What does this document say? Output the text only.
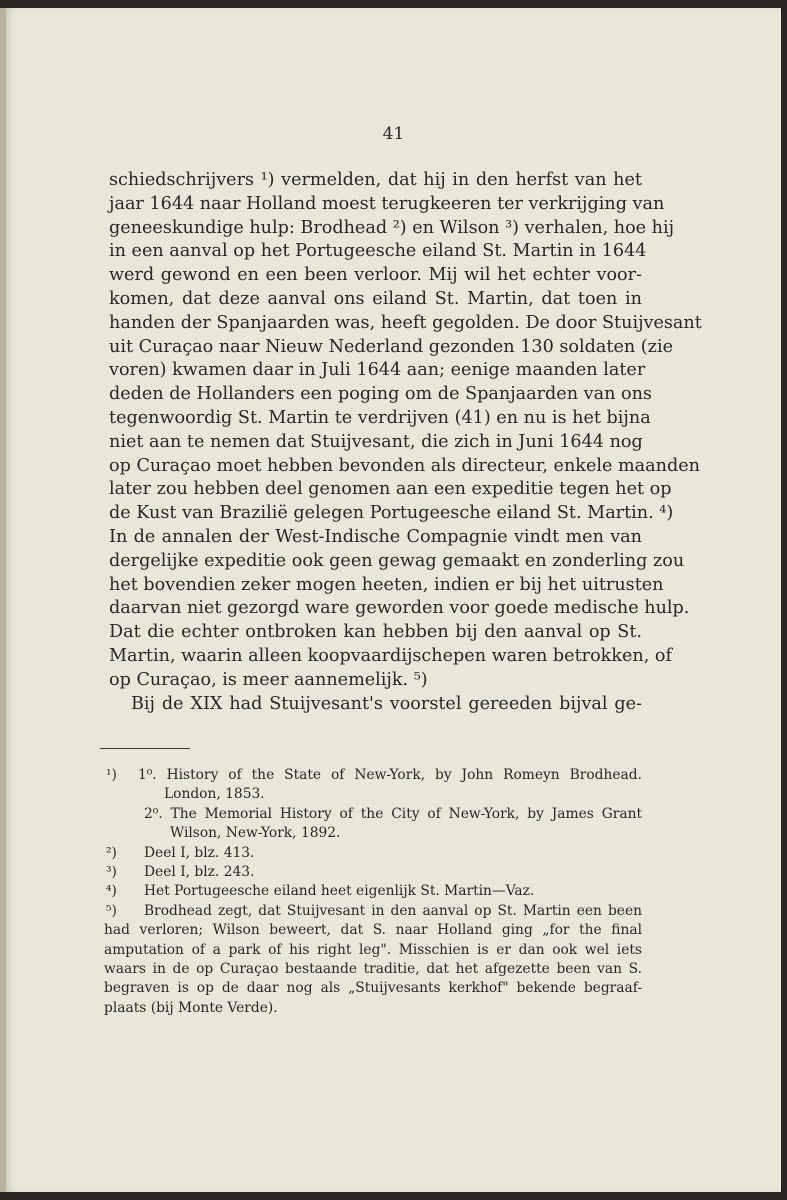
41
schiedschrijvers ¹) vermelden, dat hij in den herfst van het
jaar 1644 naar Holland moest terugkeeren ter verkrijging van
geneeskundige hulp: Brodhead ²) en Wilson ³) verhalen, hoe hij
in een aanval op het Portugeesche eiland St. Martin in 1644
werd gewond en een been verloor. Mij wil het echter voor-
komen, dat deze aanval ons eiland St. Martin, dat toen in
handen der Spanjaarden was, heeft gegolden. De door Stuijvesant
uit Curaçao naar Nieuw Nederland gezonden 130 soldaten (zie
voren) kwamen daar in Juli 1644 aan; eenige maanden later
deden de Hollanders een poging om de Spanjaarden van ons
tegenwoordig St. Martin te verdrijven (41) en nu is het bijna
niet aan te nemen dat Stuijvesant, die zich in Juni 1644 nog
op Curaçao moet hebben bevonden als directeur, enkele maanden
later zou hebben deel genomen aan een expeditie tegen het op
de Kust van Brazilië gelegen Portugeesche eiland St. Martin. ⁴)
In de annalen der West-Indische Compagnie vindt men van
dergelijke expeditie ook geen gewag gemaakt en zonderling zou
het bovendien zeker mogen heeten, indien er bij het uitrusten
daarvan niet gezorgd ware geworden voor goede medische hulp.
Dat die echter ontbroken kan hebben bij den aanval op St.
Martin, waarin alleen koopvaardijschepen waren betrokken, of
op Curaçao, is meer aannemelijk. ⁵)
Bij de XIX had Stuijvesant's voorstel gereeden bijval ge-
¹) 1⁰. History of the State of New-York, by John Romeyn Brodhead.
London, 1853.
2⁰. The Memorial History of the City of New-York, by James Grant
Wilson, New-York, 1892.
²) Deel I, blz. 413.
³) Deel I, blz. 243.
⁴) Het Portugeesche eiland heet eigenlijk St. Martin—Vaz.
⁵)	Brodhead zegt, dat Stuijvesant in den aanval op St. Martin een been
had verloren; Wilson beweert, dat S. naar Holland ging „for the final
amputation of a park of his right leg". Misschien is er dan ook wel iets
waars in de op Curaçao bestaande traditie, dat het afgezette been van S.
begraven is op de daar nog als „Stuijvesants kerkhof" bekende begraaf-
plaats (bij Monte Verde).
